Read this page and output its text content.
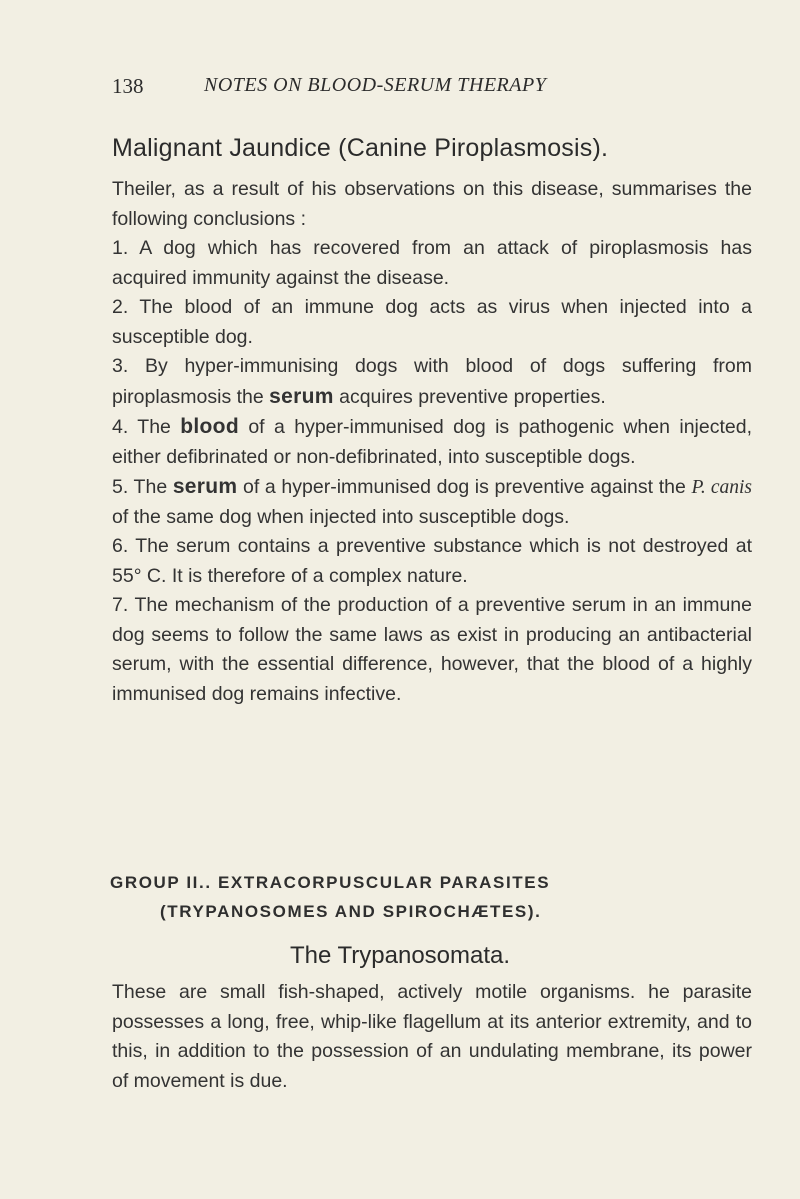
138	NOTES ON BLOOD-SERUM THERAPY
Malignant Jaundice (Canine Piroplasmosis).

Theiler, as a result of his observations on this disease, summarises the following conclusions :

1. A dog which has recovered from an attack of piroplasmosis has acquired immunity against the disease.

2. The blood of an immune dog acts as virus when injected into a susceptible dog.

3. By hyper-immunising dogs with blood of dogs suffering from piroplasmosis the serum acquires preventive properties.

4. The blood of a hyper-immunised dog is pathogenic when injected, either defibrinated or non-defibrinated, into susceptible dogs.

5. The serum of a hyper-immunised dog is preventive against the P. canis of the same dog when injected into susceptible dogs.

6. The serum contains a preventive substance which is not destroyed at 55° C. It is therefore of a complex nature.

7. The mechanism of the production of a preventive serum in an immune dog seems to follow the same laws as exist in producing an antibacterial serum, with the essential difference, however, that the blood of a highly immunised dog remains infective.

GROUP II.. EXTRACORPUSCULAR PARASITES
(TRYPANOSOMES AND SPIROCHÆTES).
The Trypanosomata.

These are small fish-shaped, actively motile organisms. he parasite possesses a long, free, whip-like flagellum at its anterior extremity, and to this, in addition to the possession of an undulating membrane, its power of movement is due.
